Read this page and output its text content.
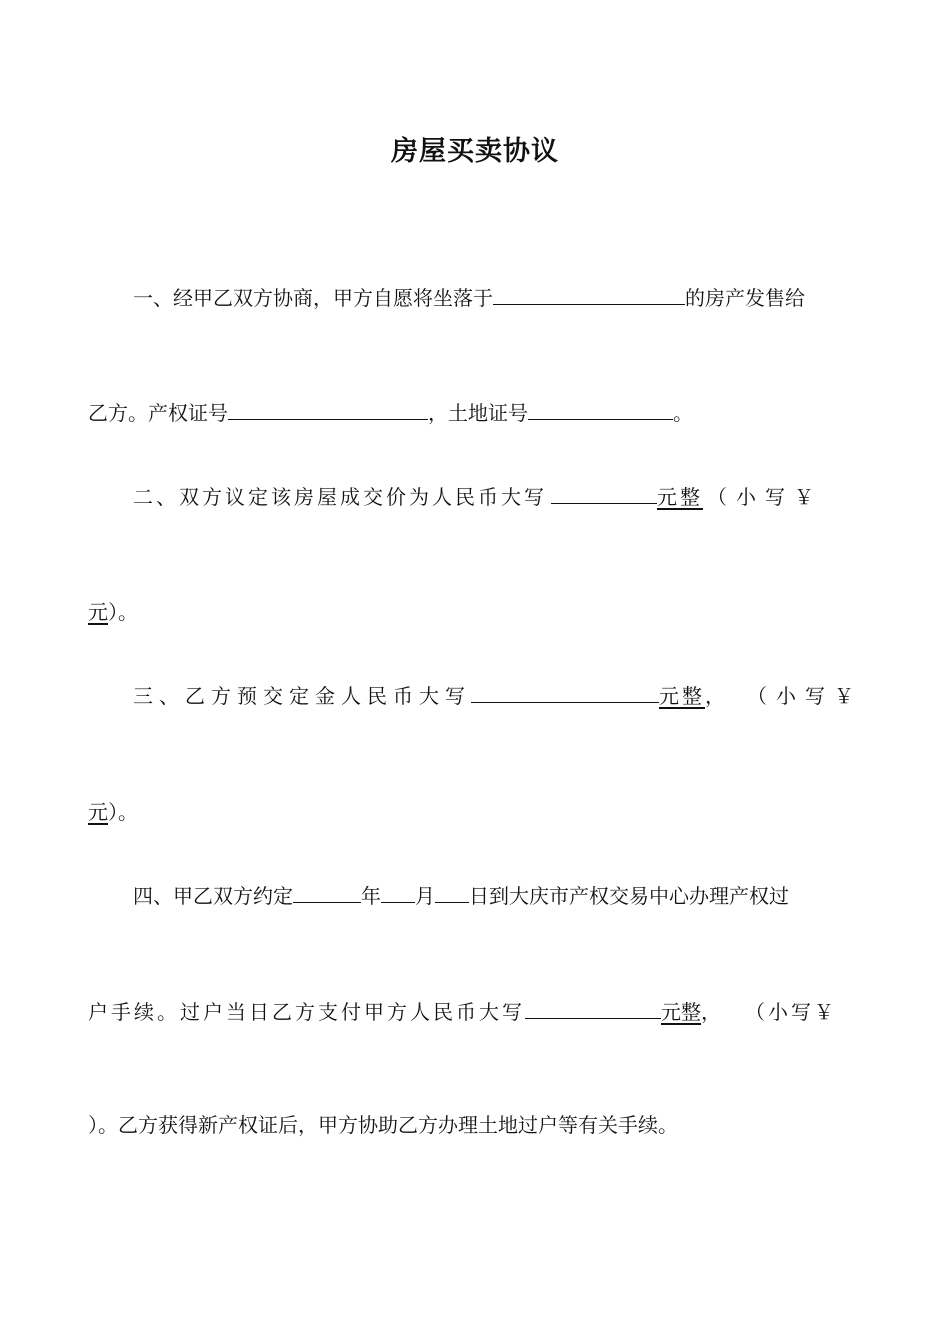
房屋买卖协议
一、经甲乙双方协商，甲方自愿将坐落于	的房产发售给
乙方。产权证号	，土地证号	。
二、双方议定该房屋成交价为人民币大写	元整 （小写￥
元 ）。
三、乙方预交定金人民币大写	元整 ， （小写￥
元 ）。
四、甲乙双方约定	年 月 日到大庆市产权交易中心办理产权过
户手续。过户当日乙方支付甲方人民币大写	元整 ， （小写￥
）。乙方获得新产权证后，甲方协助乙方办理土地过户等有关手续。
